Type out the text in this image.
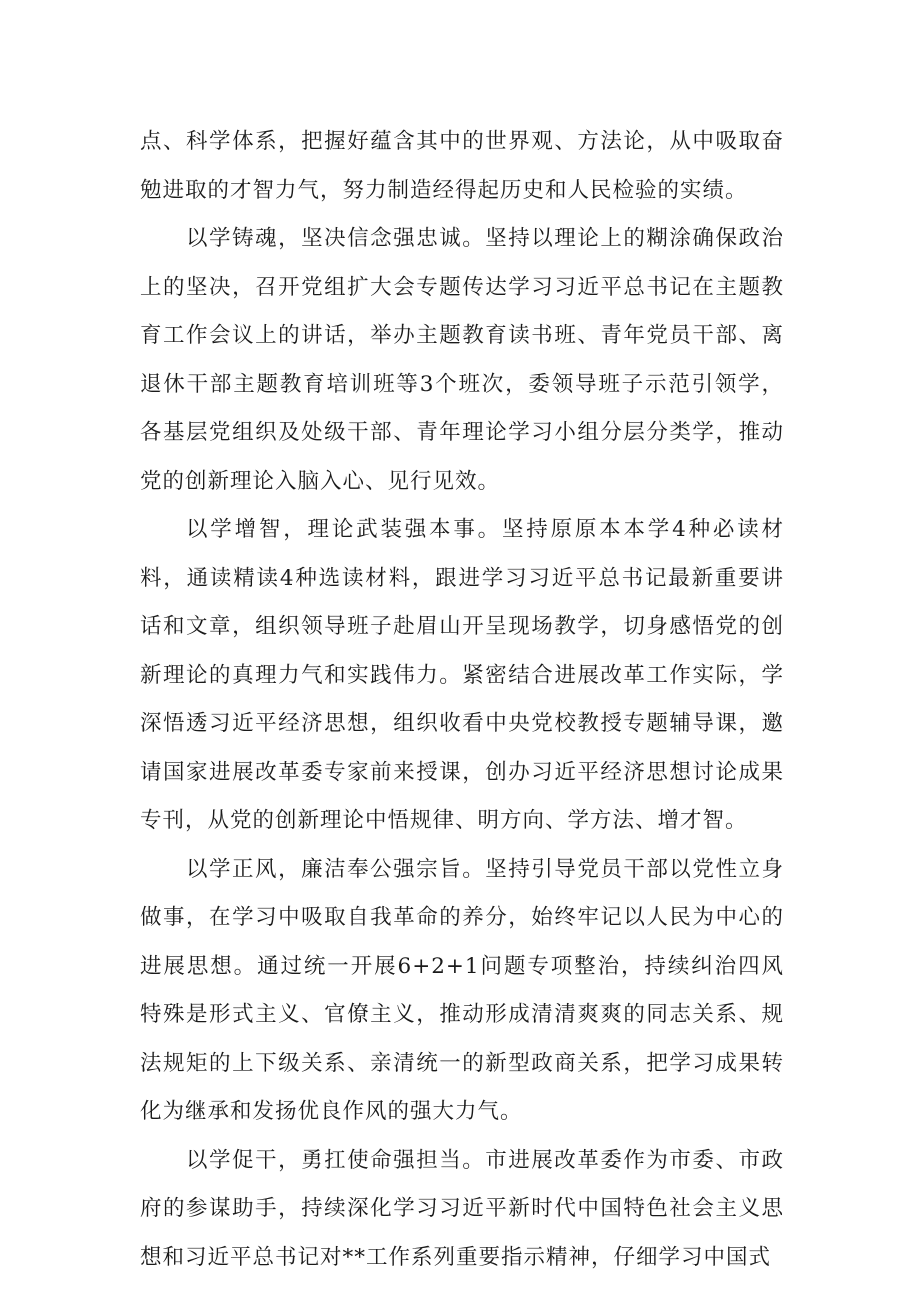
点、科学体系，把握好蕴含其中的世界观、方法论，从中吸取奋勉进取的才智力气，努力制造经得起历史和人民检验的实绩。

以学铸魂，坚决信念强忠诚。坚持以理论上的糊涂确保政治上的坚决，召开党组扩大会专题传达学习习近平总书记在主题教育工作会议上的讲话，举办主题教育读书班、青年党员干部、离退休干部主题教育培训班等3个班次，委领导班子示范引领学，各基层党组织及处级干部、青年理论学习小组分层分类学，推动党的创新理论入脑入心、见行见效。

以学增智，理论武装强本事。坚持原原本本学4种必读材料，通读精读4种选读材料，跟进学习习近平总书记最新重要讲话和文章，组织领导班子赴眉山开呈现场教学，切身感悟党的创新理论的真理力气和实践伟力。紧密结合进展改革工作实际，学深悟透习近平经济思想，组织收看中央党校教授专题辅导课，邀请国家进展改革委专家前来授课，创办习近平经济思想讨论成果专刊，从党的创新理论中悟规律、明方向、学方法、增才智。

以学正风，廉洁奉公强宗旨。坚持引导党员干部以党性立身做事，在学习中吸取自我革命的养分，始终牢记以人民为中心的进展思想。通过统一开展6+2+1问题专项整治，持续纠治四风特殊是形式主义、官僚主义，推动形成清清爽爽的同志关系、规法规矩的上下级关系、亲清统一的新型政商关系，把学习成果转化为继承和发扬优良作风的强大力气。

以学促干，勇扛使命强担当。市进展改革委作为市委、市政府的参谋助手，持续深化学习习近平新时代中国特色社会主义思想和习近平总书记对**工作系列重要指示精神，仔细学习中国式
